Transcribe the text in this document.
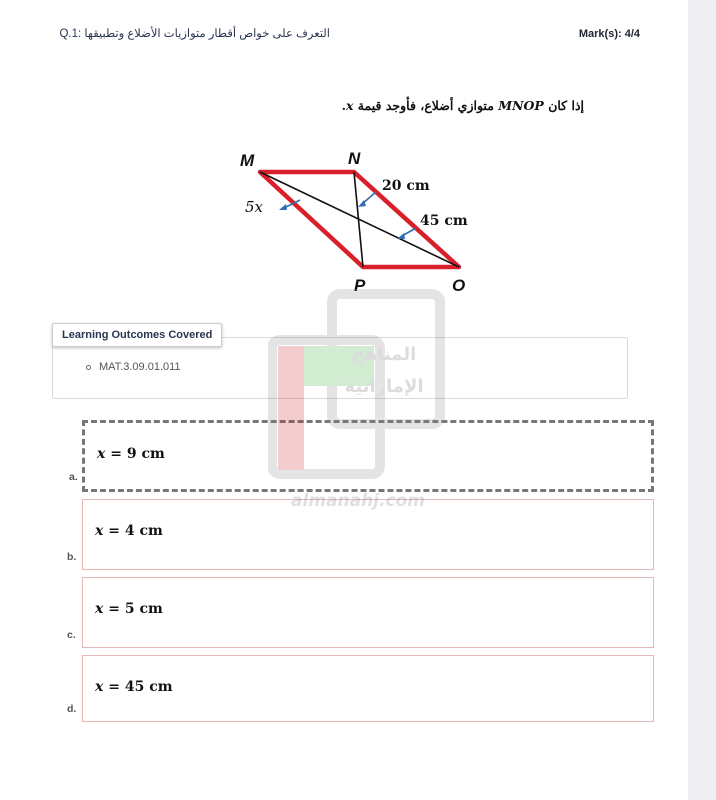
التعرف على خواص أقطار متوازيات الأضلاع وتطبيقها :Q.1	Mark(s): 4/4
إذا كان MNOP متوازي أضلاع، فأوجد قيمة x.
M	N
O
P
5x
20 cm
45 cm
Learning Outcomes Covered
MAT.3.09.01.011
a.
x = 9 cm
b.
x = 4 cm
c.
x = 5 cm
d.
x = 45 cm
المناهج
الإماراتية
almanahj.com
